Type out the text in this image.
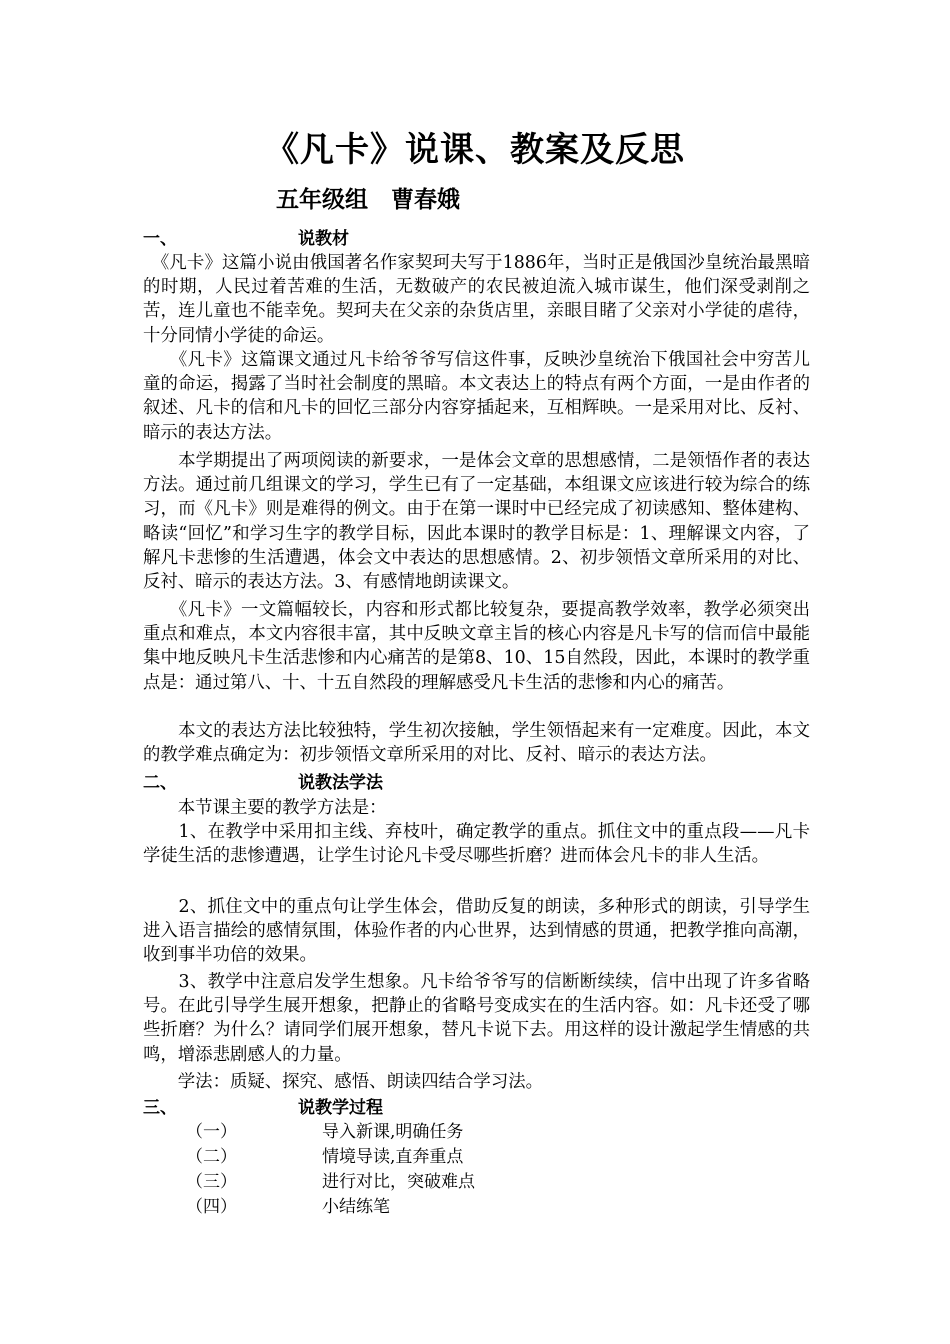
《凡卡》说课、教案及反思
五年级组　曹春娥
一、	说教材
　《凡卡》这篇小说由俄国著名作家契珂夫写于1886年，当时正是俄国沙皇统治最黑暗的时期，人民过着苦难的生活，无数破产的农民被迫流入城市谋生，他们深受剥削之苦，连儿童也不能幸免。契珂夫在父亲的杂货店里，亲眼目睹了父亲对小学徒的虐待，十分同情小学徒的命运。
　　《凡卡》这篇课文通过凡卡给爷爷写信这件事，反映沙皇统治下俄国社会中穷苦儿童的命运，揭露了当时社会制度的黑暗。本文表达上的特点有两个方面，一是由作者的叙述、凡卡的信和凡卡的回忆三部分内容穿插起来，互相辉映。一是采用对比、反衬、暗示的表达方法。
　　本学期提出了两项阅读的新要求，一是体会文章的思想感情，二是领悟作者的表达方法。通过前几组课文的学习，学生已有了一定基础，本组课文应该进行较为综合的练习，而《凡卡》则是难得的例文。由于在第一课时中已经完成了初读感知、整体建构、略读“回忆”和学习生字的教学目标，因此本课时的教学目标是：1、理解课文内容，了解凡卡悲惨的生活遭遇，体会文中表达的思想感情。2、初步领悟文章所采用的对比、反衬、暗示的表达方法。3、有感情地朗读课文。
　　《凡卡》一文篇幅较长，内容和形式都比较复杂，要提高教学效率，教学必须突出重点和难点，本文内容很丰富，其中反映文章主旨的核心内容是凡卡写的信而信中最能集中地反映凡卡生活悲惨和内心痛苦的是第8、10、15自然段，因此，本课时的教学重点是：通过第八、十、十五自然段的理解感受凡卡生活的悲惨和内心的痛苦。
　　本文的表达方法比较独特，学生初次接触，学生领悟起来有一定难度。因此，本文的教学难点确定为：初步领悟文章所采用的对比、反衬、暗示的表达方法。
二、	说教法学法
　　本节课主要的教学方法是：
　　1、在教学中采用扣主线、弃枝叶，确定教学的重点。抓住文中的重点段——凡卡学徒生活的悲惨遭遇，让学生讨论凡卡受尽哪些折磨？进而体会凡卡的非人生活。
　　2、抓住文中的重点句让学生体会，借助反复的朗读，多种形式的朗读，引导学生进入语言描绘的感情氛围，体验作者的内心世界，达到情感的贯通，把教学推向高潮，收到事半功倍的效果。
　　3、教学中注意启发学生想象。凡卡给爷爷写的信断断续续，信中出现了许多省略号。在此引导学生展开想象，把静止的省略号变成实在的生活内容。如：凡卡还受了哪些折磨？为什么？请同学们展开想象，替凡卡说下去。用这样的设计激起学生情感的共鸣，增添悲剧感人的力量。
　　学法：质疑、探究、感悟、朗读四结合学习法。
三、	说教学过程
（一）	导入新课,明确任务
（二）	情境导读,直奔重点
（三）	进行对比，突破难点
（四）	小结练笔
